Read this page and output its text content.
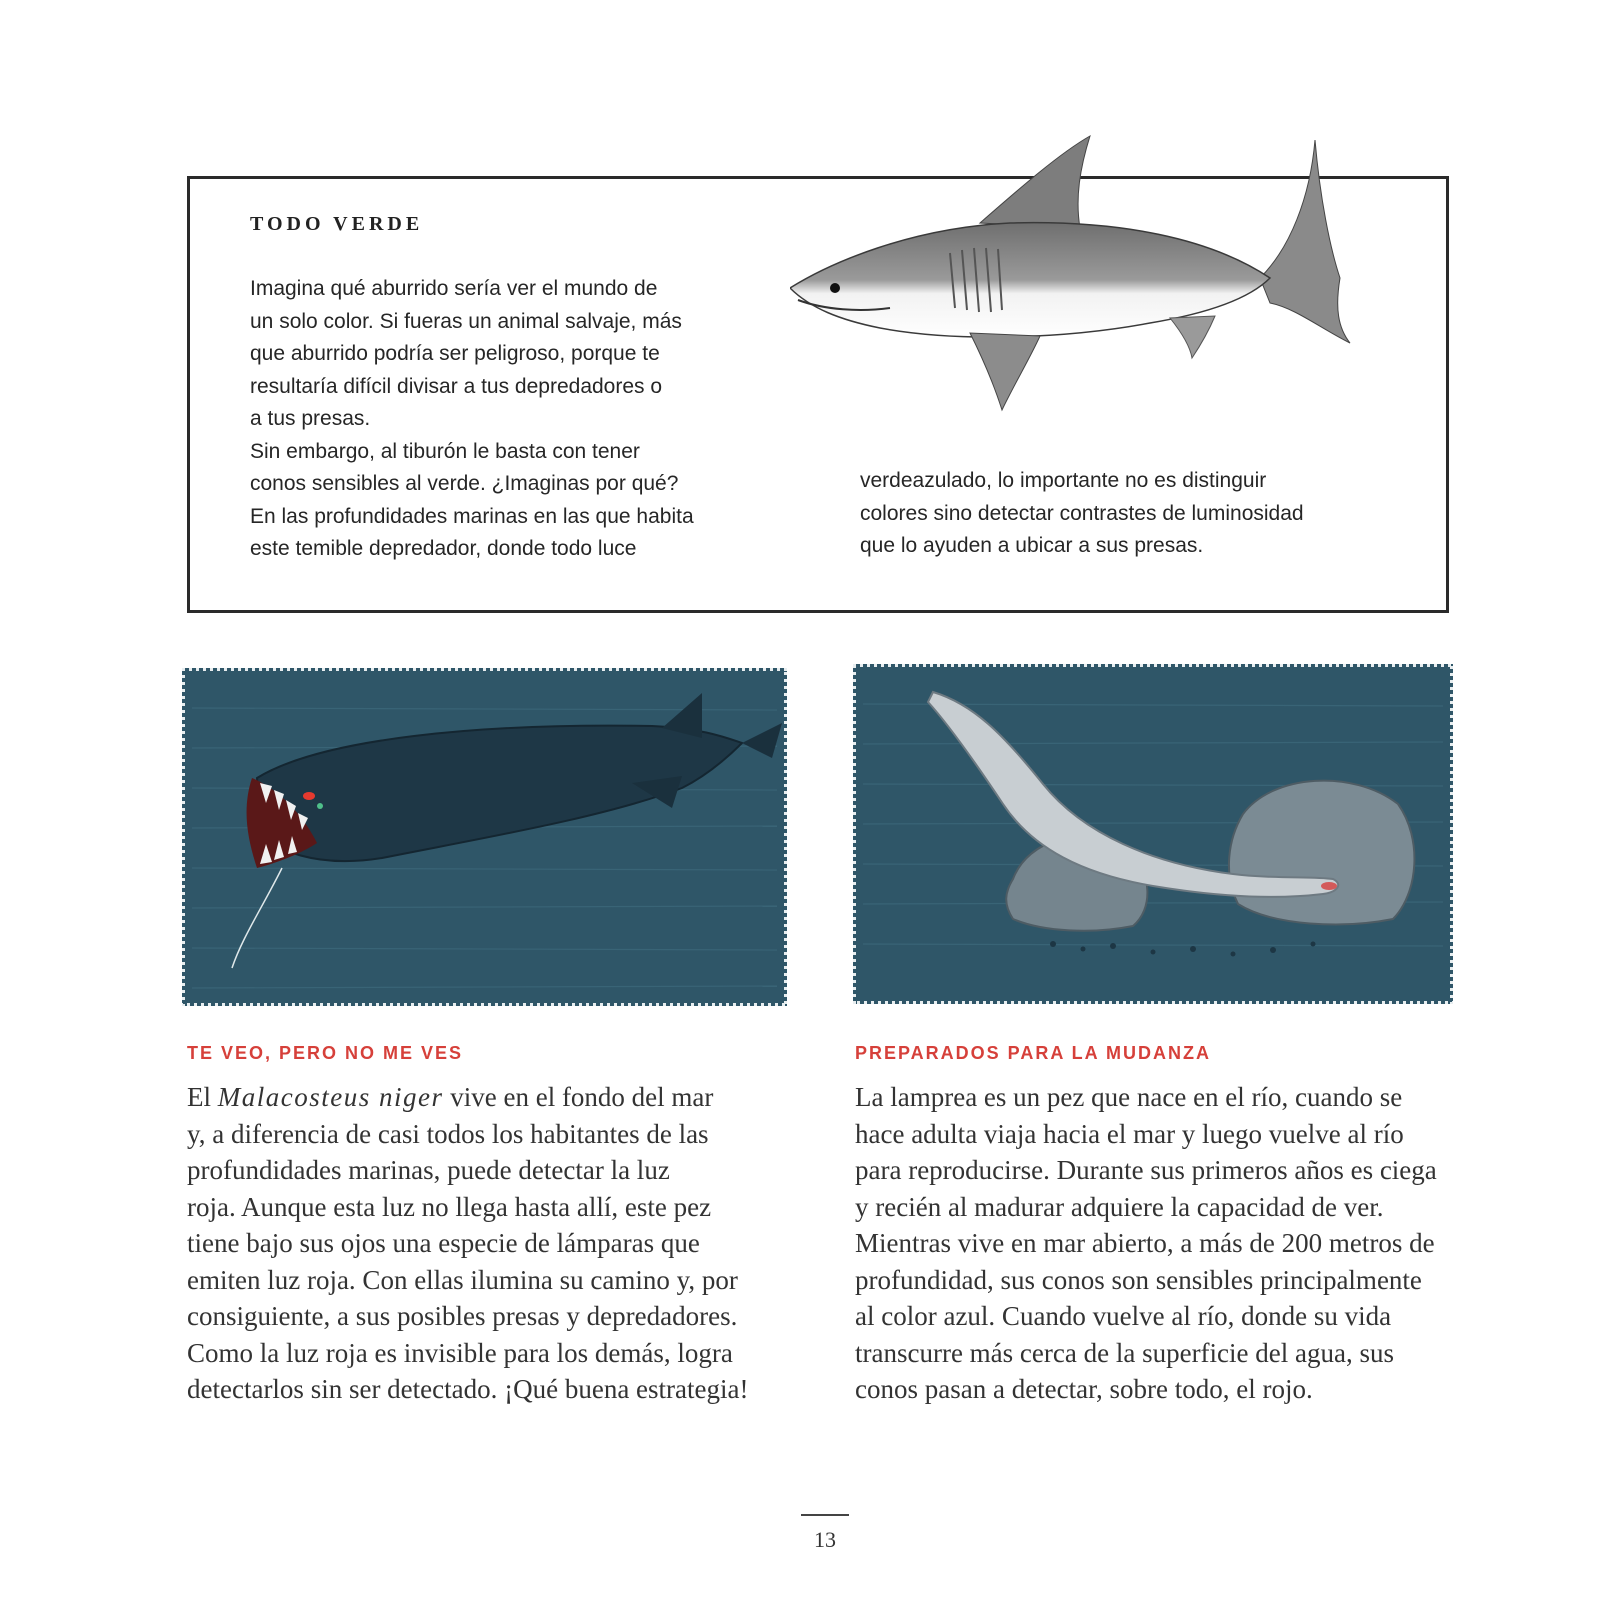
TODO VERDE

Imagina qué aburrido sería ver el mundo de
un solo color. Si fueras un animal salvaje, más
que aburrido podría ser peligroso, porque te
resultaría difícil divisar a tus depredadores o
a tus presas.
Sin embargo, al tiburón le basta con tener
conos sensibles al verde. ¿Imaginas por qué?
En las profundidades marinas en las que habita
este temible depredador, donde todo luce

verdeazulado, lo importante no es distinguir
colores sino detectar contrastes de luminosidad
que lo ayuden a ubicar a sus presas.

TE VEO, PERO NO ME VES	PREPARADOS PARA LA MUDANZA

El Malacosteus niger vive en el fondo del mar
y, a diferencia de casi todos los habitantes de las
profundidades marinas, puede detectar la luz
roja. Aunque esta luz no llega hasta allí, este pez
tiene bajo sus ojos una especie de lámparas que
emiten luz roja. Con ellas ilumina su camino y, por
consiguiente, a sus posibles presas y depredadores.
Como la luz roja es invisible para los demás, logra
detectarlos sin ser detectado. ¡Qué buena estrategia!

La lamprea es un pez que nace en el río, cuando se
hace adulta viaja hacia el mar y luego vuelve al río
para reproducirse. Durante sus primeros años es ciega
y recién al madurar adquiere la capacidad de ver.
Mientras vive en mar abierto, a más de 200 metros de
profundidad, sus conos son sensibles principalmente
al color azul. Cuando vuelve al río, donde su vida
transcurre más cerca de la superficie del agua, sus
conos pasan a detectar, sobre todo, el rojo.

13
